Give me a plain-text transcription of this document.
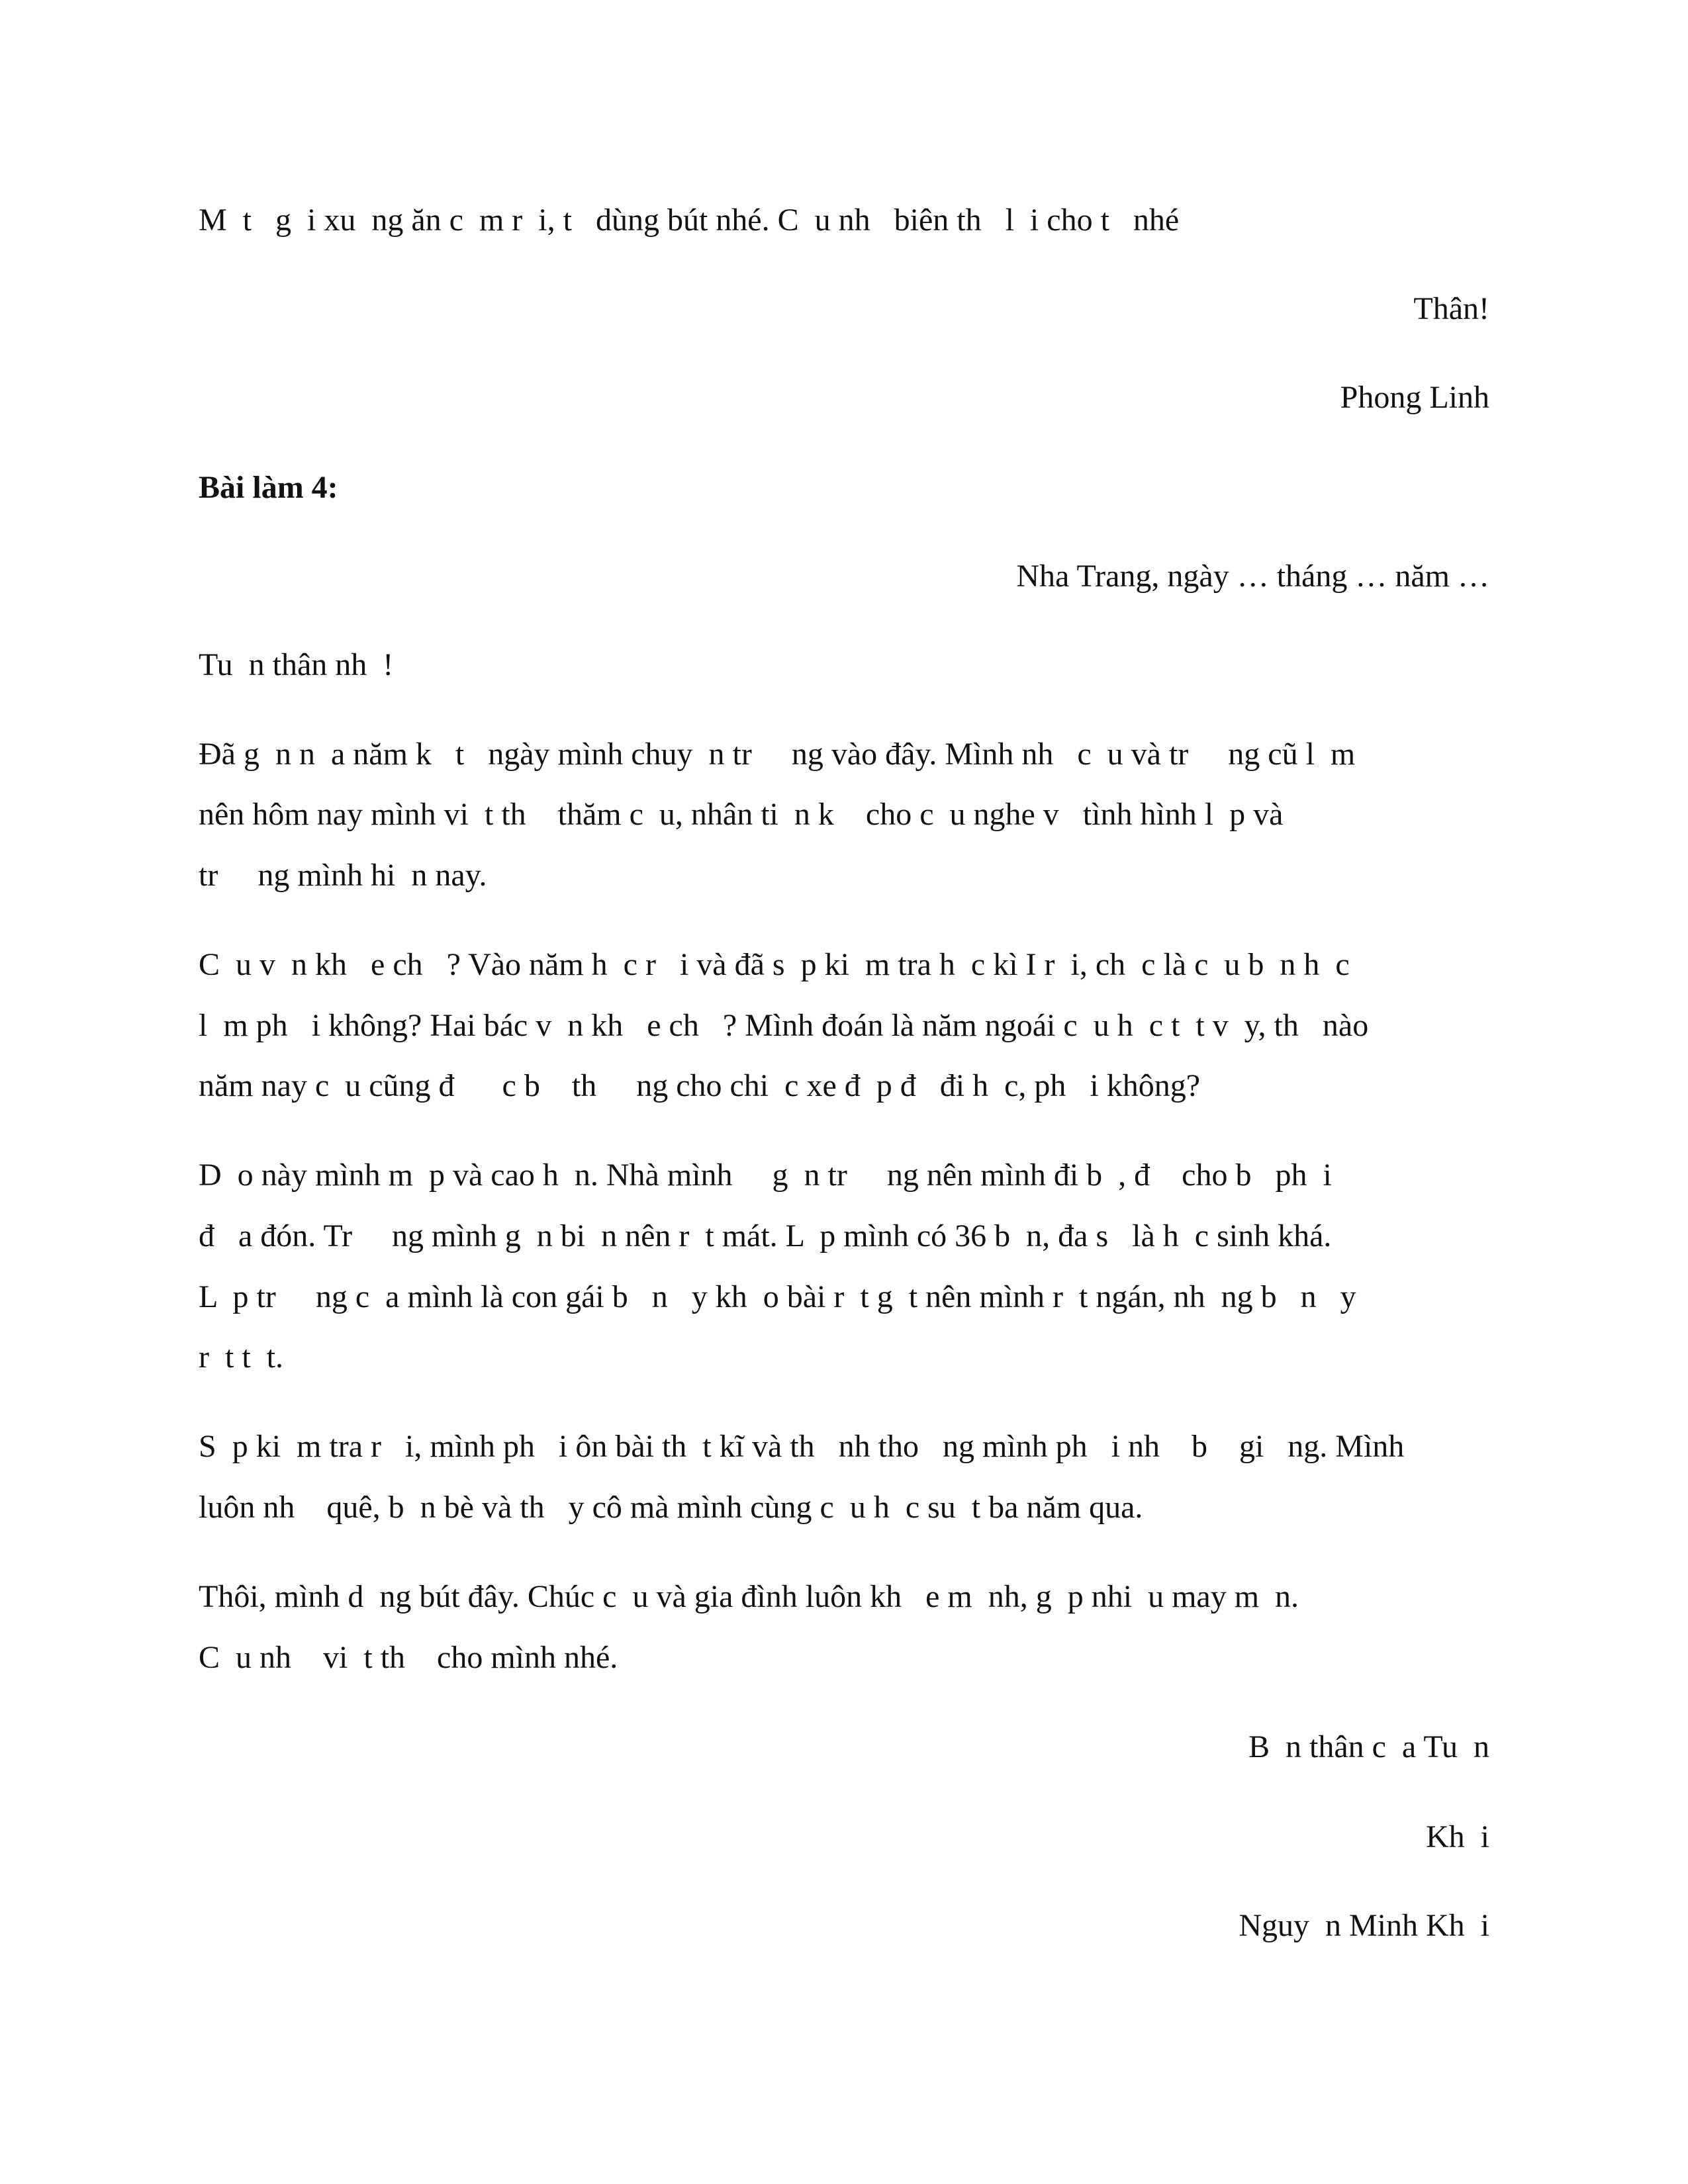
M  t   g  i xu  ng ăn c  m r  i, t   dùng bút nhé. C  u nh   biên th   l  i cho t   nhé

Thân!

Phong Linh

Bài làm 4:

Nha Trang, ngày … tháng … năm …

Tu  n thân nh  !

Đã g  n n  a năm k   t   ngày mình chuy  n tr     ng vào đây. Mình nh   c  u và tr     ng cũ l  m

nên hôm nay mình vi  t th    thăm c  u, nhân ti  n k    cho c  u nghe v   tình hình l  p và

tr     ng mình hi  n nay.

C  u v  n kh   e ch   ? Vào năm h  c r   i và đã s  p ki  m tra h  c kì I r  i, ch  c là c  u b  n h  c

l  m ph   i không? Hai bác v  n kh   e ch   ? Mình đoán là năm ngoái c  u h  c t  t v  y, th   nào

năm nay c  u cũng đ      c b    th     ng cho chi  c xe đ  p đ   đi h  c, ph   i không?

D  o này mình m  p và cao h  n. Nhà mình     g  n tr     ng nên mình đi b  , đ    cho b   ph  i

đ   a đón. Tr     ng mình g  n bi  n nên r  t mát. L  p mình có 36 b  n, đa s   là h  c sinh khá.

L  p tr     ng c  a mình là con gái b   n   y kh  o bài r  t g  t nên mình r  t ngán, nh  ng b   n   y

r  t t  t.

S  p ki  m tra r   i, mình ph   i ôn bài th  t kĩ và th   nh tho   ng mình ph   i nh    b    gi   ng. Mình

luôn nh    quê, b  n bè và th   y cô mà mình cùng c  u h  c su  t ba năm qua.

Thôi, mình d  ng bút đây. Chúc c  u và gia đình luôn kh   e m  nh, g  p nhi  u may m  n.

C  u nh    vi  t th    cho mình nhé.

B  n thân c  a Tu  n

Kh  i

Nguy  n Minh Kh  i
